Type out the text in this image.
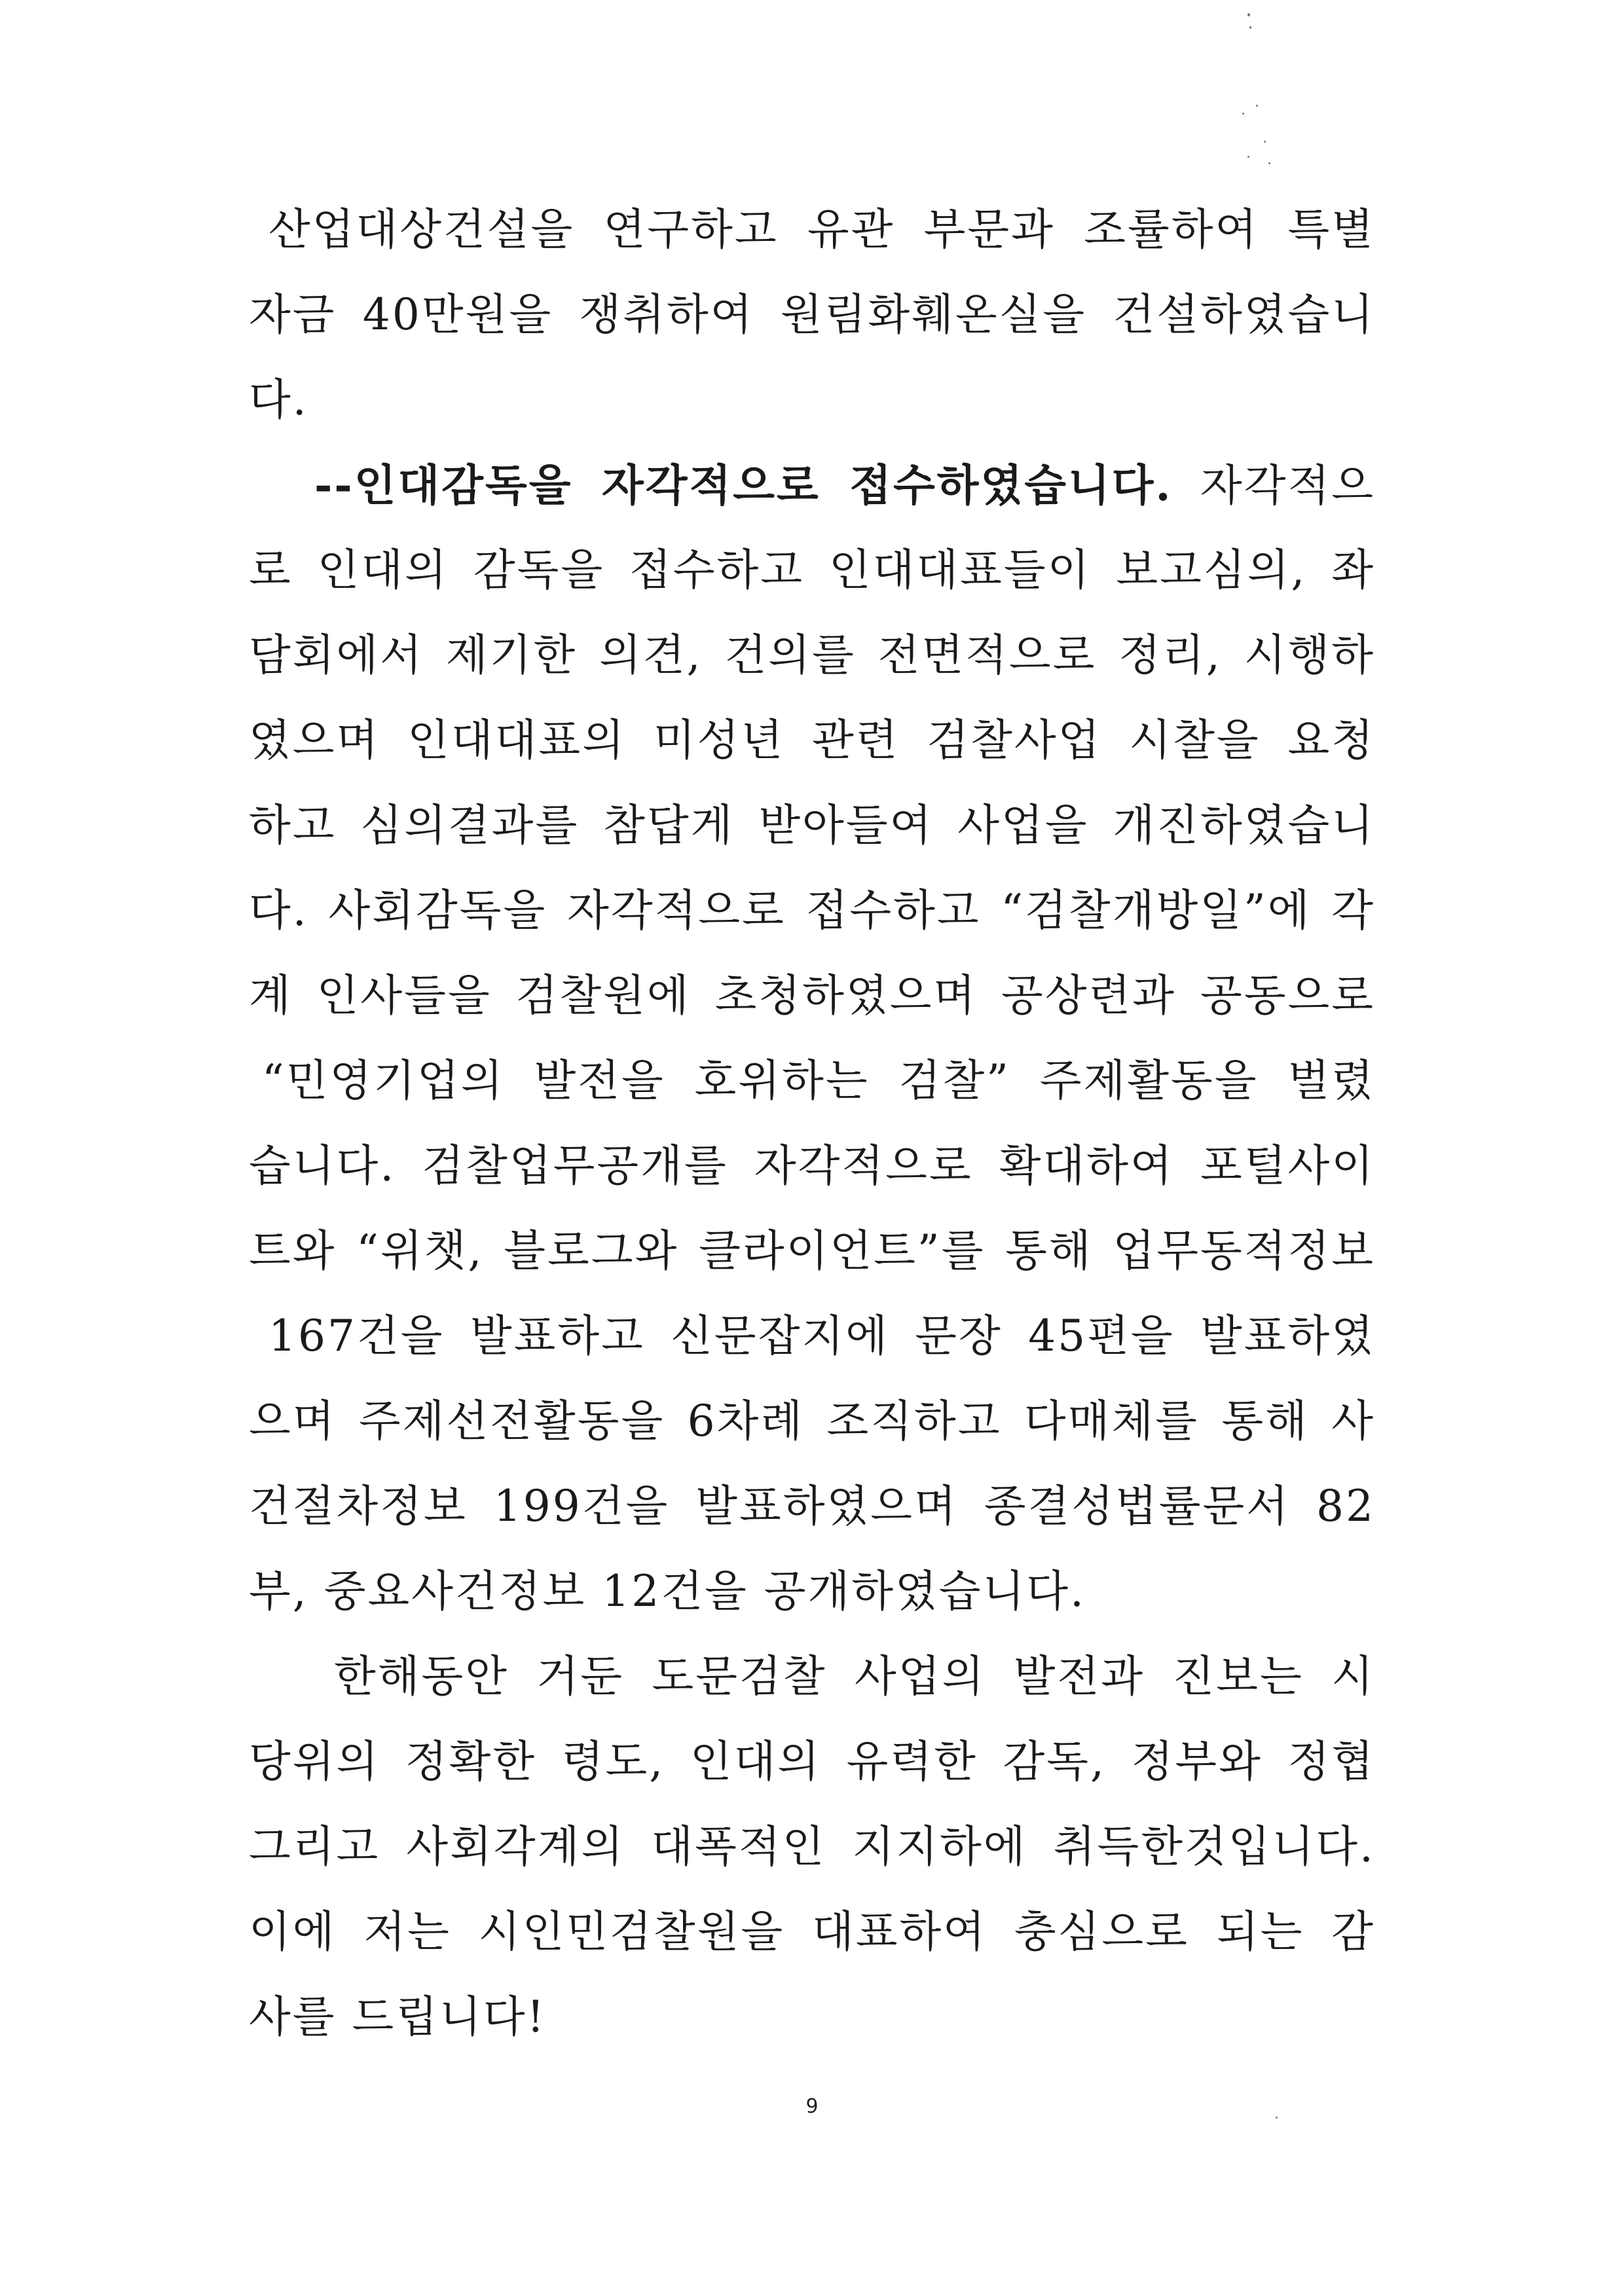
산업대상건설을 연구하고 유관 부문과 조률하여 특별
자금 40만원을 쟁취하여 원림화훼온실을 건설하였습니
다.
--인대감독을 자각적으로 접수하였습니다. 자각적으
로 인대의 감독을 접수하고 인대대표들이 보고심의, 좌
담회에서 제기한 의견, 건의를 전면적으로 정리, 시행하
였으며 인대대표의 미성년 관련 검찰사업 시찰을 요청
하고 심의결과를 참답게 받아들여 사업을 개진하였습니
다. 사회감독을 자각적으로 접수하고 “검찰개방일”에 각
계 인사들을 검찰원에 초청하였으며 공상련과 공동으로
“민영기업의 발전을 호위하는 검찰” 주제활동을 벌렸
습니다. 검찰업무공개를 자각적으로 확대하여 포털사이
트와 “위챗, 블로그와 클라이언트”를 통해 업무동적정보
167건을 발표하고 신문잡지에 문장 45편을 발표하였
으며 주제선전활동을 6차례 조직하고 다매체를 통해 사
건절차정보 199건을 발표하였으며 종결성법률문서 82
부, 중요사건정보 12건을 공개하였습니다.
한해동안 거둔 도문검찰 사업의 발전과 진보는 시
당위의 정확한 령도, 인대의 유력한 감독, 정부와 정협
그리고 사회각계의 대폭적인 지지하에 취득한것입니다.
이에 저는 시인민검찰원을 대표하여 충심으로 되는 감
사를 드립니다!
9
